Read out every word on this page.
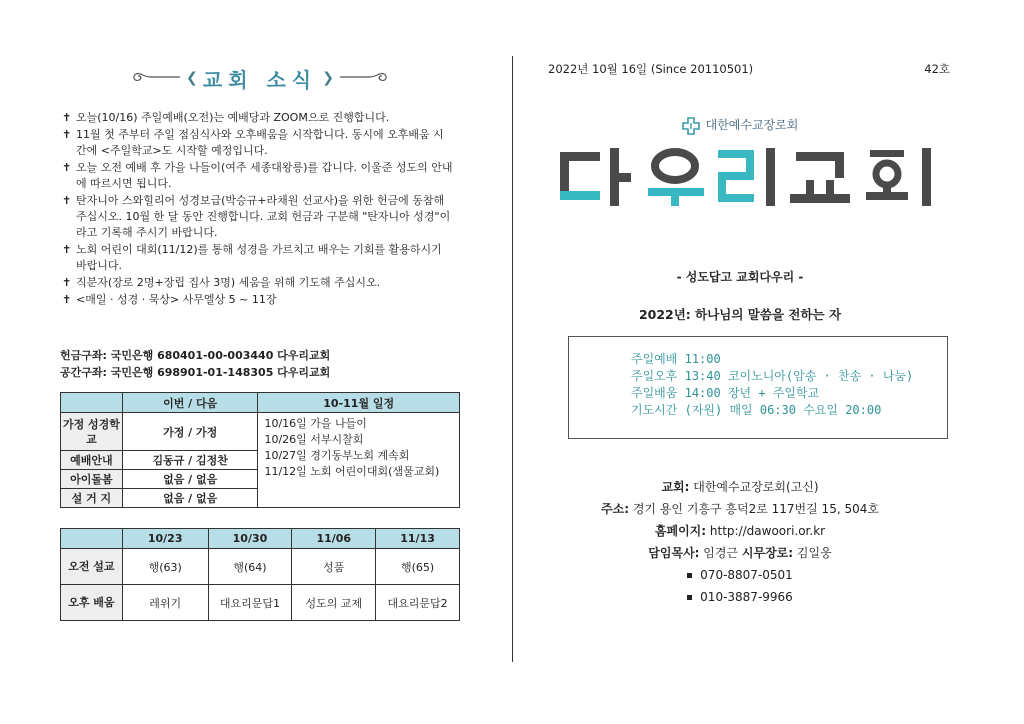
❮ 교회 소식 ❯
✝ 오늘(10/16) 주일예배(오전)는 예배당과 ZOOM으로 진행합니다.
✝ 11월 첫 주부터 주일 점심식사와 오후배움을 시작합니다. 동시에 오후배움 시간에 <주일학교>도 시작할 예정입니다.
✝ 오늘 오전 예배 후 가을 나들이(여주 세종대왕릉)를 갑니다. 이울준 성도의 안내에 따르시면 됩니다.
✝ 탄자니아 스와힐리어 성경보급(박승규+라채원 선교사)을 위한 헌금에 동참해 주십시오. 10월 한 달 동안 진행합니다. 교회 헌금과 구분해 "탄자니아 성경"이라고 기록해 주시기 바랍니다.
✝ 노회 어린이 대회(11/12)를 통해 성경을 가르치고 배우는 기회를 활용하시기 바랍니다.
✝ 직분자(장로 2명+장립 집사 3명) 세움을 위해 기도해 주십시오.
✝ <매일 · 성경 · 묵상> 사무엘상 5 ~ 11장
헌금구좌: 국민은행 680401-00-003440 다우리교회
공간구좌: 국민은행 698901-01-148305 다우리교회
	이번 / 다음	10-11월 일정
가정 성경학교	가정 / 가정	10/16일 가을 나들이
10/26일 서부시찰회
10/27일 경기동부노회 계속회
11/12일 노회 어린이대회(샘물교회)

예배안내	김동규 / 김정찬	
아이돌봄	없음 / 없음	
설 거 지	없음 / 없음	
	10/23	10/30	11/06	11/13
오전 설교	행(63)	행(64)	성품	행(65)
오후 배움	레위기	대요리문답1	성도의 교제	대요리문답2
2022년 10월 16일 (Since 20110501)	42호
대한예수교장로회
- 성도답고 교회다우리 -
2022년: 하나님의 말씀을 전하는 자
주일예배 11:00
주일오후 13:40 코이노니아(암송 · 찬송 · 나눔)
주일배움 14:00 장년 + 주일학교
기도시간 (자원) 매일 06:30 수요일 20:00
교회: 대한예수교장로회(고신)
주소: 경기 용인 기흥구 흥덕2로 117번길 15, 504호
홈페이지: http://dawoori.or.kr
담임목사: 임경근 시무장로: 김일웅
070-8807-0501
010-3887-9966
